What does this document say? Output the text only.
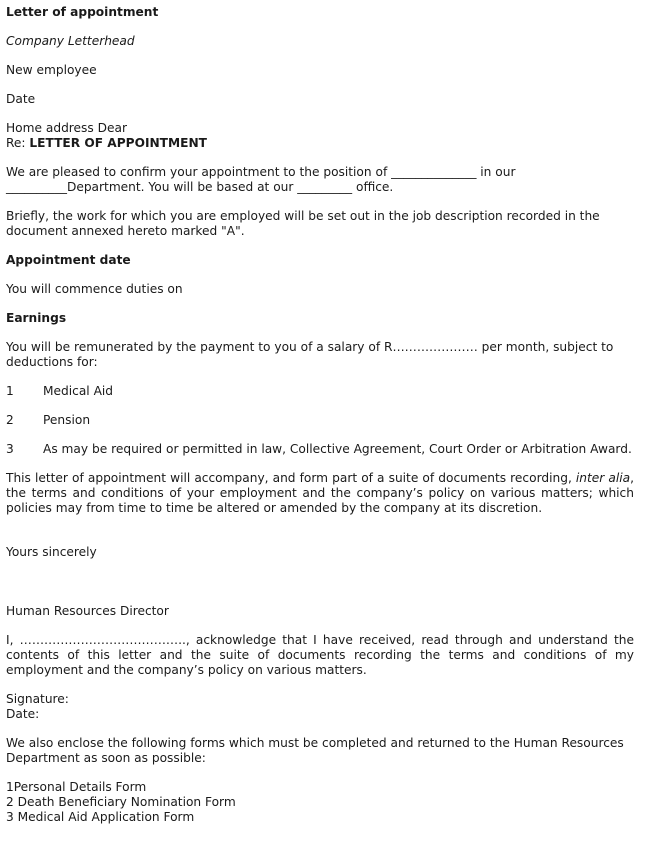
Letter of appointment

Company Letterhead

New employee

Date

Home address Dear

Re: LETTER OF APPOINTMENT

We are pleased to confirm your appointment to the position of ______________ in our

__________Department. You will be based at our _________ office.

Briefly, the work for which you are employed will be set out in the job description recorded in the document annexed hereto marked "A".

Appointment date

You will commence duties on

Earnings

You will be remunerated by the payment to you of a salary of R………………… per month, subject to deductions for:

1	Medical Aid
2	Pension
3	As may be required or permitted in law, Collective Agreement, Court Order or Arbitration Award.

This letter of appointment will accompany, and form part of a suite of documents recording, inter alia, the terms and conditions of your employment and the company’s policy on various matters; which policies may from time to time be altered or amended by the company at its discretion.

Yours sincerely

Human Resources Director

I, ………………………………….., acknowledge that I have received, read through and understand the contents of this letter and the suite of documents recording the terms and conditions of my employment and the company’s policy on various matters.

Signature:

Date:

We also enclose the following forms which must be completed and returned to the Human Resources Department as soon as possible:

1Personal Details Form

2 Death Beneficiary Nomination Form

3 Medical Aid Application Form
